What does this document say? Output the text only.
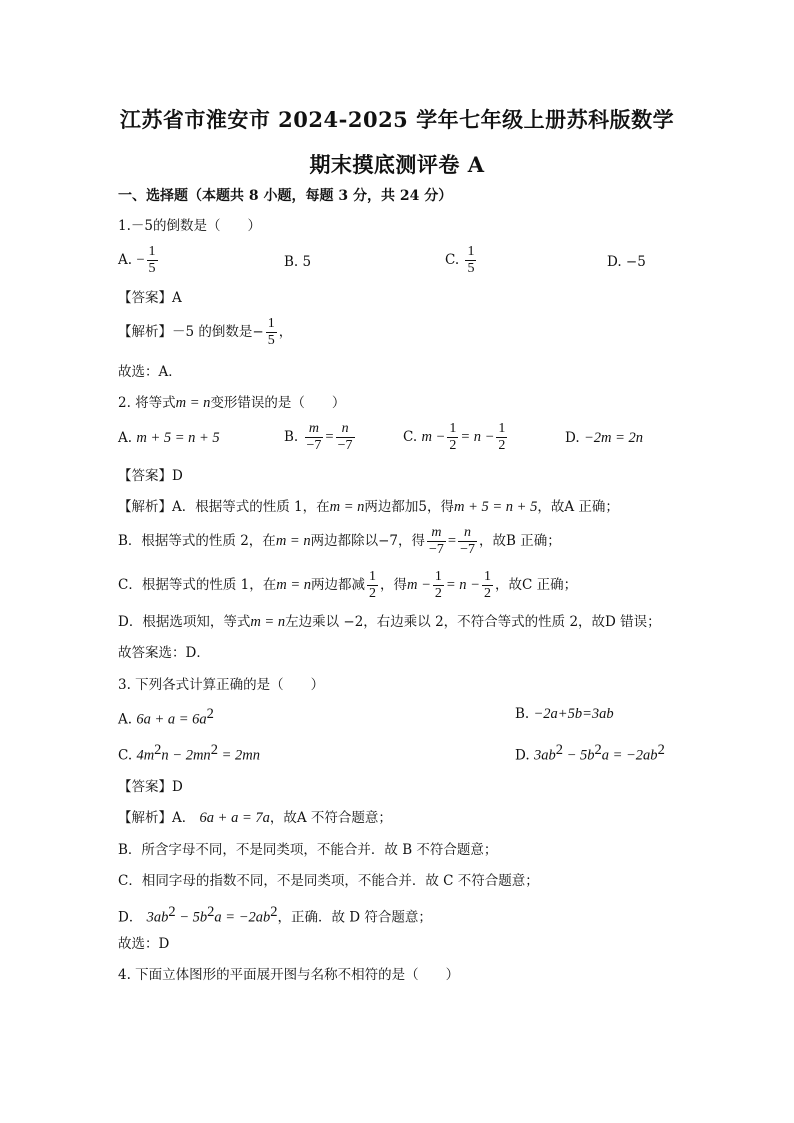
江苏省市淮安市 2024-2025 学年七年级上册苏科版数学
期末摸底测评卷 A
一、选择题（本题共 8 小题，每题 3 分，共 24 分）
1.－5的倒数是（　　）
A. − $\frac{1}{5}$	B. 5	C. $\frac{1}{5}$	D. −5
【答案】A
【解析】－5 的倒数是− $\frac{1}{5}$ ，
故选：A．
2. 将等式m = n变形错误的是（　　）
A. m + 5 = n + 5	B. $\frac{m}{-7} = \frac{n}{-7}$	C. $m - \frac{1}{2} = n - \frac{1}{2}$	D. −2m = 2n
【答案】D
【解析】A．根据等式的性质 1，在m = n两边都加5，得m + 5 = n + 5，故A 正确；
B．根据等式的性质 2，在m = n两边都除以−7，得 $\frac{m}{-7} = \frac{n}{-7}$ ，故B 正确；
C．根据等式的性质 1，在m = n两边都减 $\frac{1}{2}$ ，得$m - \frac{1}{2} = n - \frac{1}{2}$ ，故C 正确；
D．根据选项知，等式m = n左边乘以 −2，右边乘以 2，不符合等式的性质 2，故D 错误；
故答案选：D．
3. 下列各式计算正确的是（　　）
A. $6a + a = 6a^2$	B. −2a+5b=3ab
C. $4m^2n - 2mn^2 = 2mn$	D. $3ab^2 - 5b^2a = -2ab^2$
【答案】D
【解析】A． 6a + a = 7a，故A 不符合题意；
B．所含字母不同，不是同类项，不能合并．故 B 不符合题意；
C．相同字母的指数不同，不是同类项，不能合并．故 C 不符合题意；
D． $3ab^2 - 5b^2a = -2ab^2$，正确．故 D 符合题意；
故选：D
4. 下面立体图形的平面展开图与名称不相符的是（　　）
